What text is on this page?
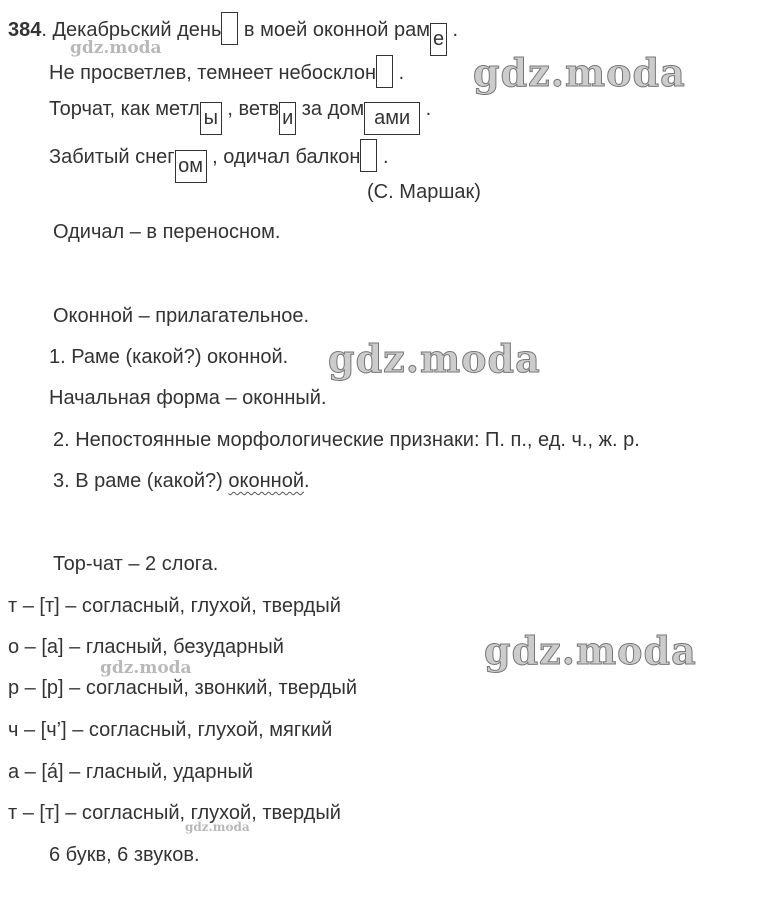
384. Декабрьский день в моей оконной рам е .
Не просветлев, темнеет небосклон .
Торчат, как метл ы , ветв и за дом ами .
Забитый снег ом , одичал балкон .
(С. Маршак)
Одичал – в переносном.
Оконной – прилагательное.
1. Раме (какой?) оконной.
Начальная форма – оконный.
2. Непостоянные морфологические признаки: П. п., ед. ч., ж. р.
3. В раме (какой?) оконной.
Тор-чат – 2 слога.
т – [т] – согласный, глухой, твердый
о – [а] – гласный, безударный
р – [р] – согласный, звонкий, твердый
ч – [ч’] – согласный, глухой, мягкий
а – [á] – гласный, ударный
т – [т] – согласный, глухой, твердый
6 букв, 6 звуков.
gdz.moda
gdz.moda
gdz.moda
gdz.moda
gdz.moda
gdz.moda
